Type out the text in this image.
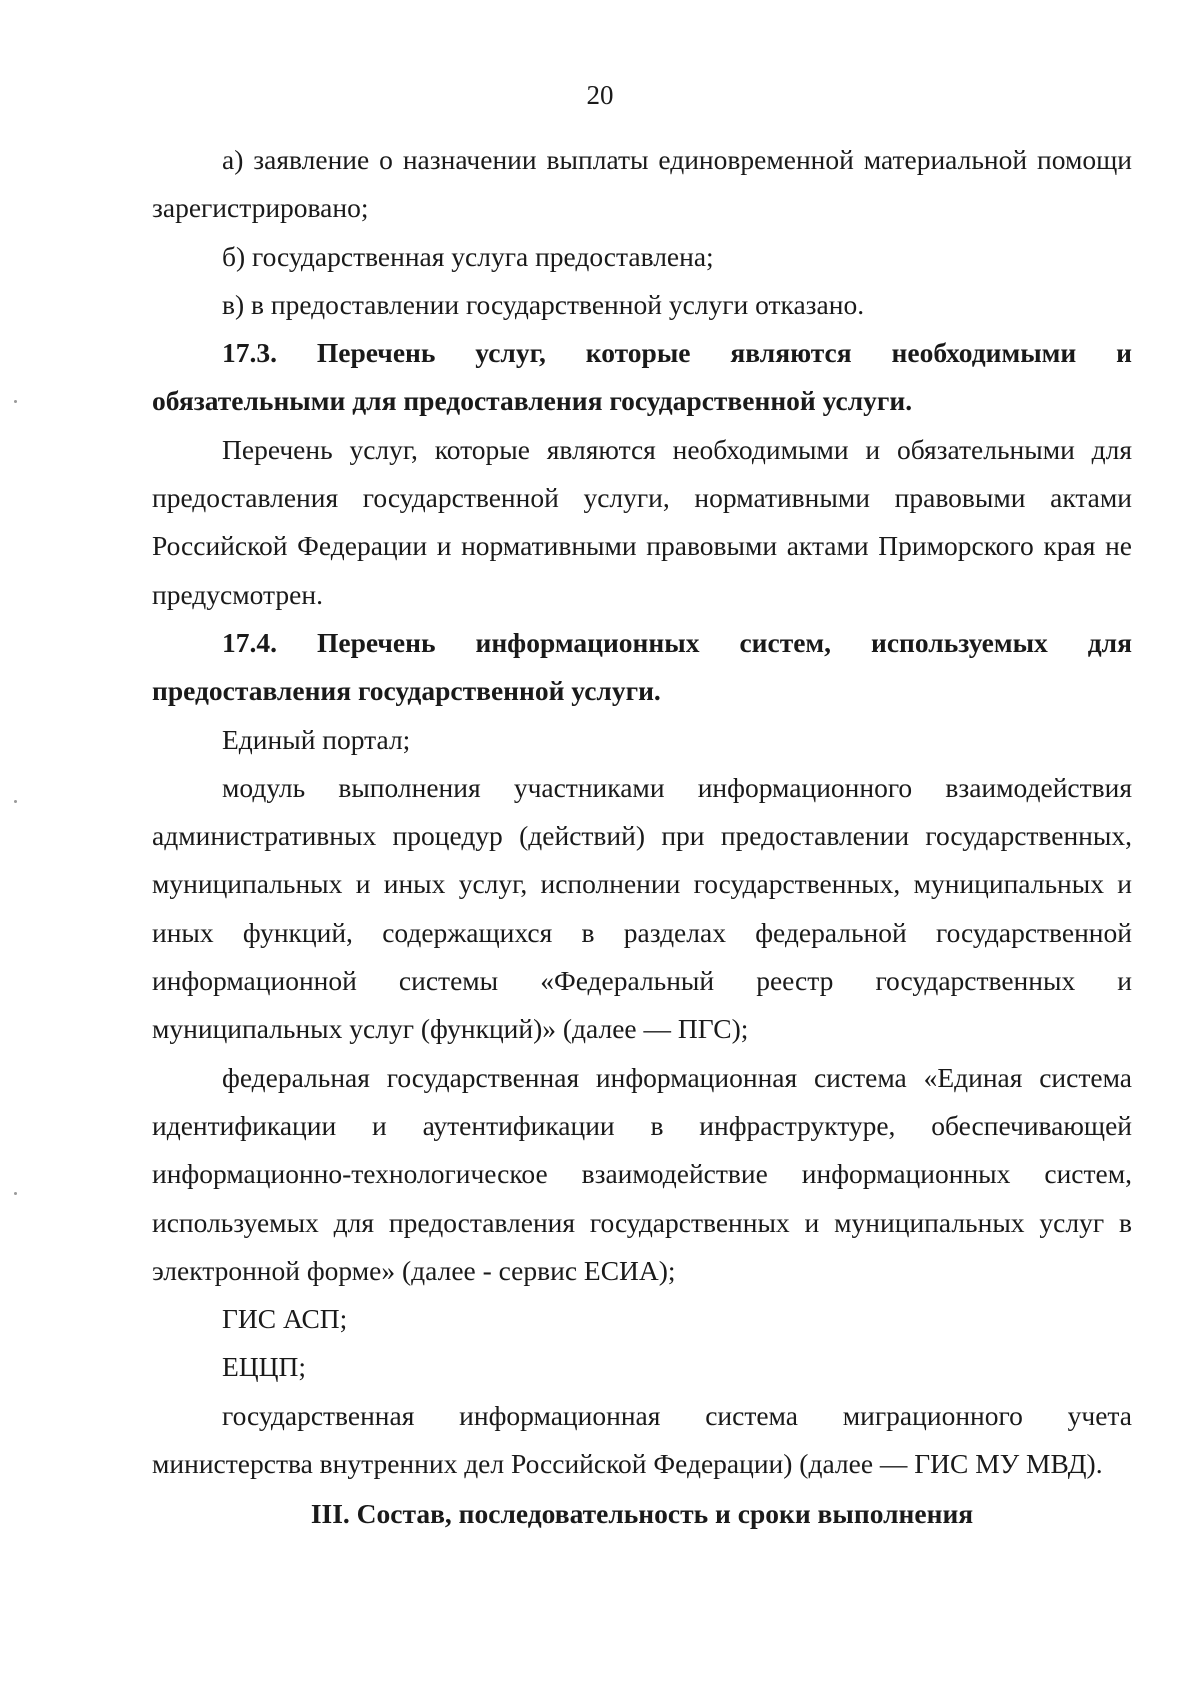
20

а) заявление о назначении выплаты единовременной материальной помощи зарегистрировано;

б) государственная услуга предоставлена;

в) в предоставлении государственной услуги отказано.

17.3. Перечень услуг, которые являются необходимыми и обязательными для предоставления государственной услуги.

Перечень услуг, которые являются необходимыми и обязательными для предоставления государственной услуги, нормативными правовыми актами Российской Федерации и нормативными правовыми актами Приморского края не предусмотрен.

17.4. Перечень информационных систем, используемых для предоставления государственной услуги.

Единый портал;

модуль выполнения участниками информационного взаимодействия административных процедур (действий) при предоставлении государственных, муниципальных и иных услуг, исполнении государственных, муниципальных и иных функций, содержащихся в разделах федеральной государственной информационной системы «Федеральный реестр государственных и муниципальных услуг (функций)» (далее — ПГС);

федеральная государственная информационная система «Единая система идентификации и аутентификации в инфраструктуре, обеспечивающей информационно-технологическое взаимодействие информационных систем, используемых для предоставления государственных и муниципальных услуг в электронной форме» (далее - сервис ЕСИА);

ГИС АСП;

ЕЦЦП;

государственная информационная система миграционного учета министерства внутренних дел Российской Федерации) (далее — ГИС МУ МВД).

III. Состав, последовательность и сроки выполнения
